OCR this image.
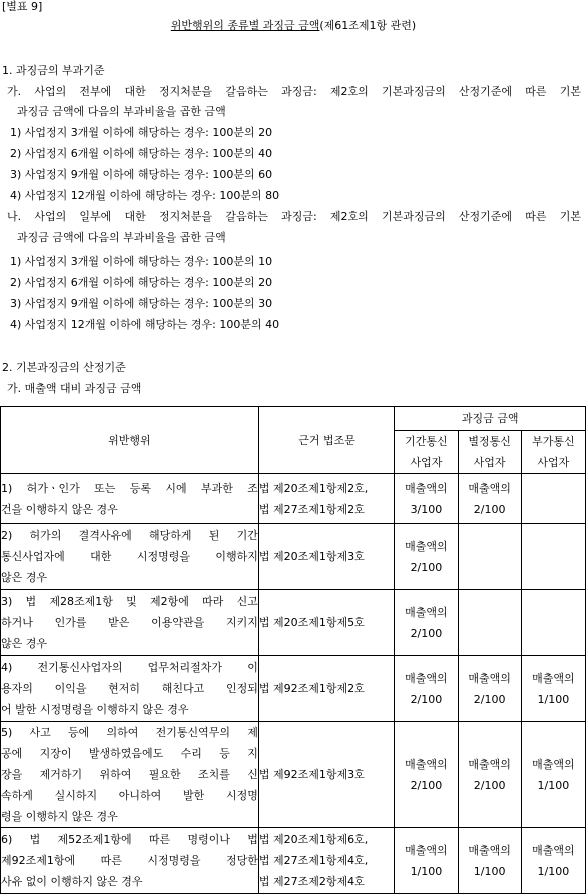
[별표 9]
위반행위의 종류별 과징금 금액(제61조제1항 관련)
1. 과징금의 부과기준
가. 사업의 전부에 대한 정지처분을 갈음하는 과징금: 제2호의 기본과징금의 산정기준에 따른 기본
과징금 금액에 다음의 부과비율을 곱한 금액
1) 사업정지 3개월 이하에 해당하는 경우: 100분의 20
2) 사업정지 6개월 이하에 해당하는 경우: 100분의 40
3) 사업정지 9개월 이하에 해당하는 경우: 100분의 60
4) 사업정지 12개월 이하에 해당하는 경우: 100분의 80
나. 사업의 일부에 대한 정지처분을 갈음하는 과징금: 제2호의 기본과징금의 산정기준에 따른 기본
과징금 금액에 다음의 부과비율을 곱한 금액
1) 사업정지 3개월 이하에 해당하는 경우: 100분의 10
2) 사업정지 6개월 이하에 해당하는 경우: 100분의 20
3) 사업정지 9개월 이하에 해당하는 경우: 100분의 30
4) 사업정지 12개월 이하에 해당하는 경우: 100분의 40
2. 기본과징금의 산정기준
가. 매출액 대비 과징금 금액
위반행위	근거 법조문	과징금 금액		

		기간통신
사업자	별정통신
사업자	부가통신
사업자

1) 허가ㆍ인가 또는 등록 시에 부과한 조
건을 이행하지 않은 경우	법 제20조제1항제2호,
법 제27조제1항제2호	매출액의
3/100	매출액의
2/100	

2) 허가의 결격사유에 해당하게 된 기간
통신사업자에 대한 시정명령을 이행하지
않은 경우	법 제20조제1항제3호	매출액의
2/100		

3) 법 제28조제1항 및 제2항에 따라 신고
하거나 인가를 받은 이용약관을 지키지
않은 경우	법 제20조제1항제5호	매출액의
2/100		

4) 전기통신사업자의 업무처리절차가 이
용자의 이익을 현저히 해친다고 인정되
어 발한 시정명령을 이행하지 않은 경우	법 제92조제1항제2호	매출액의
2/100	매출액의
2/100	매출액의
1/100

5) 사고 등에 의하여 전기통신역무의 제
공에 지장이 발생하였음에도 수리 등 지
장을 제거하기 위하여 필요한 조치를 신
속하게 실시하지 아니하여 발한 시정명
령을 이행하지 않은 경우	법 제92조제1항제3호	매출액의
2/100	매출액의
2/100	매출액의
1/100

6) 법 제52조제1항에 따른 명령이나 법
제92조제1항에 따른 시정명령을 정당한
사유 없이 이행하지 않은 경우	법 제20조제1항제6호,
법 제27조제1항제4호,
법 제27조제2항제4호	매출액의
1/100	매출액의
1/100	매출액의
1/100
